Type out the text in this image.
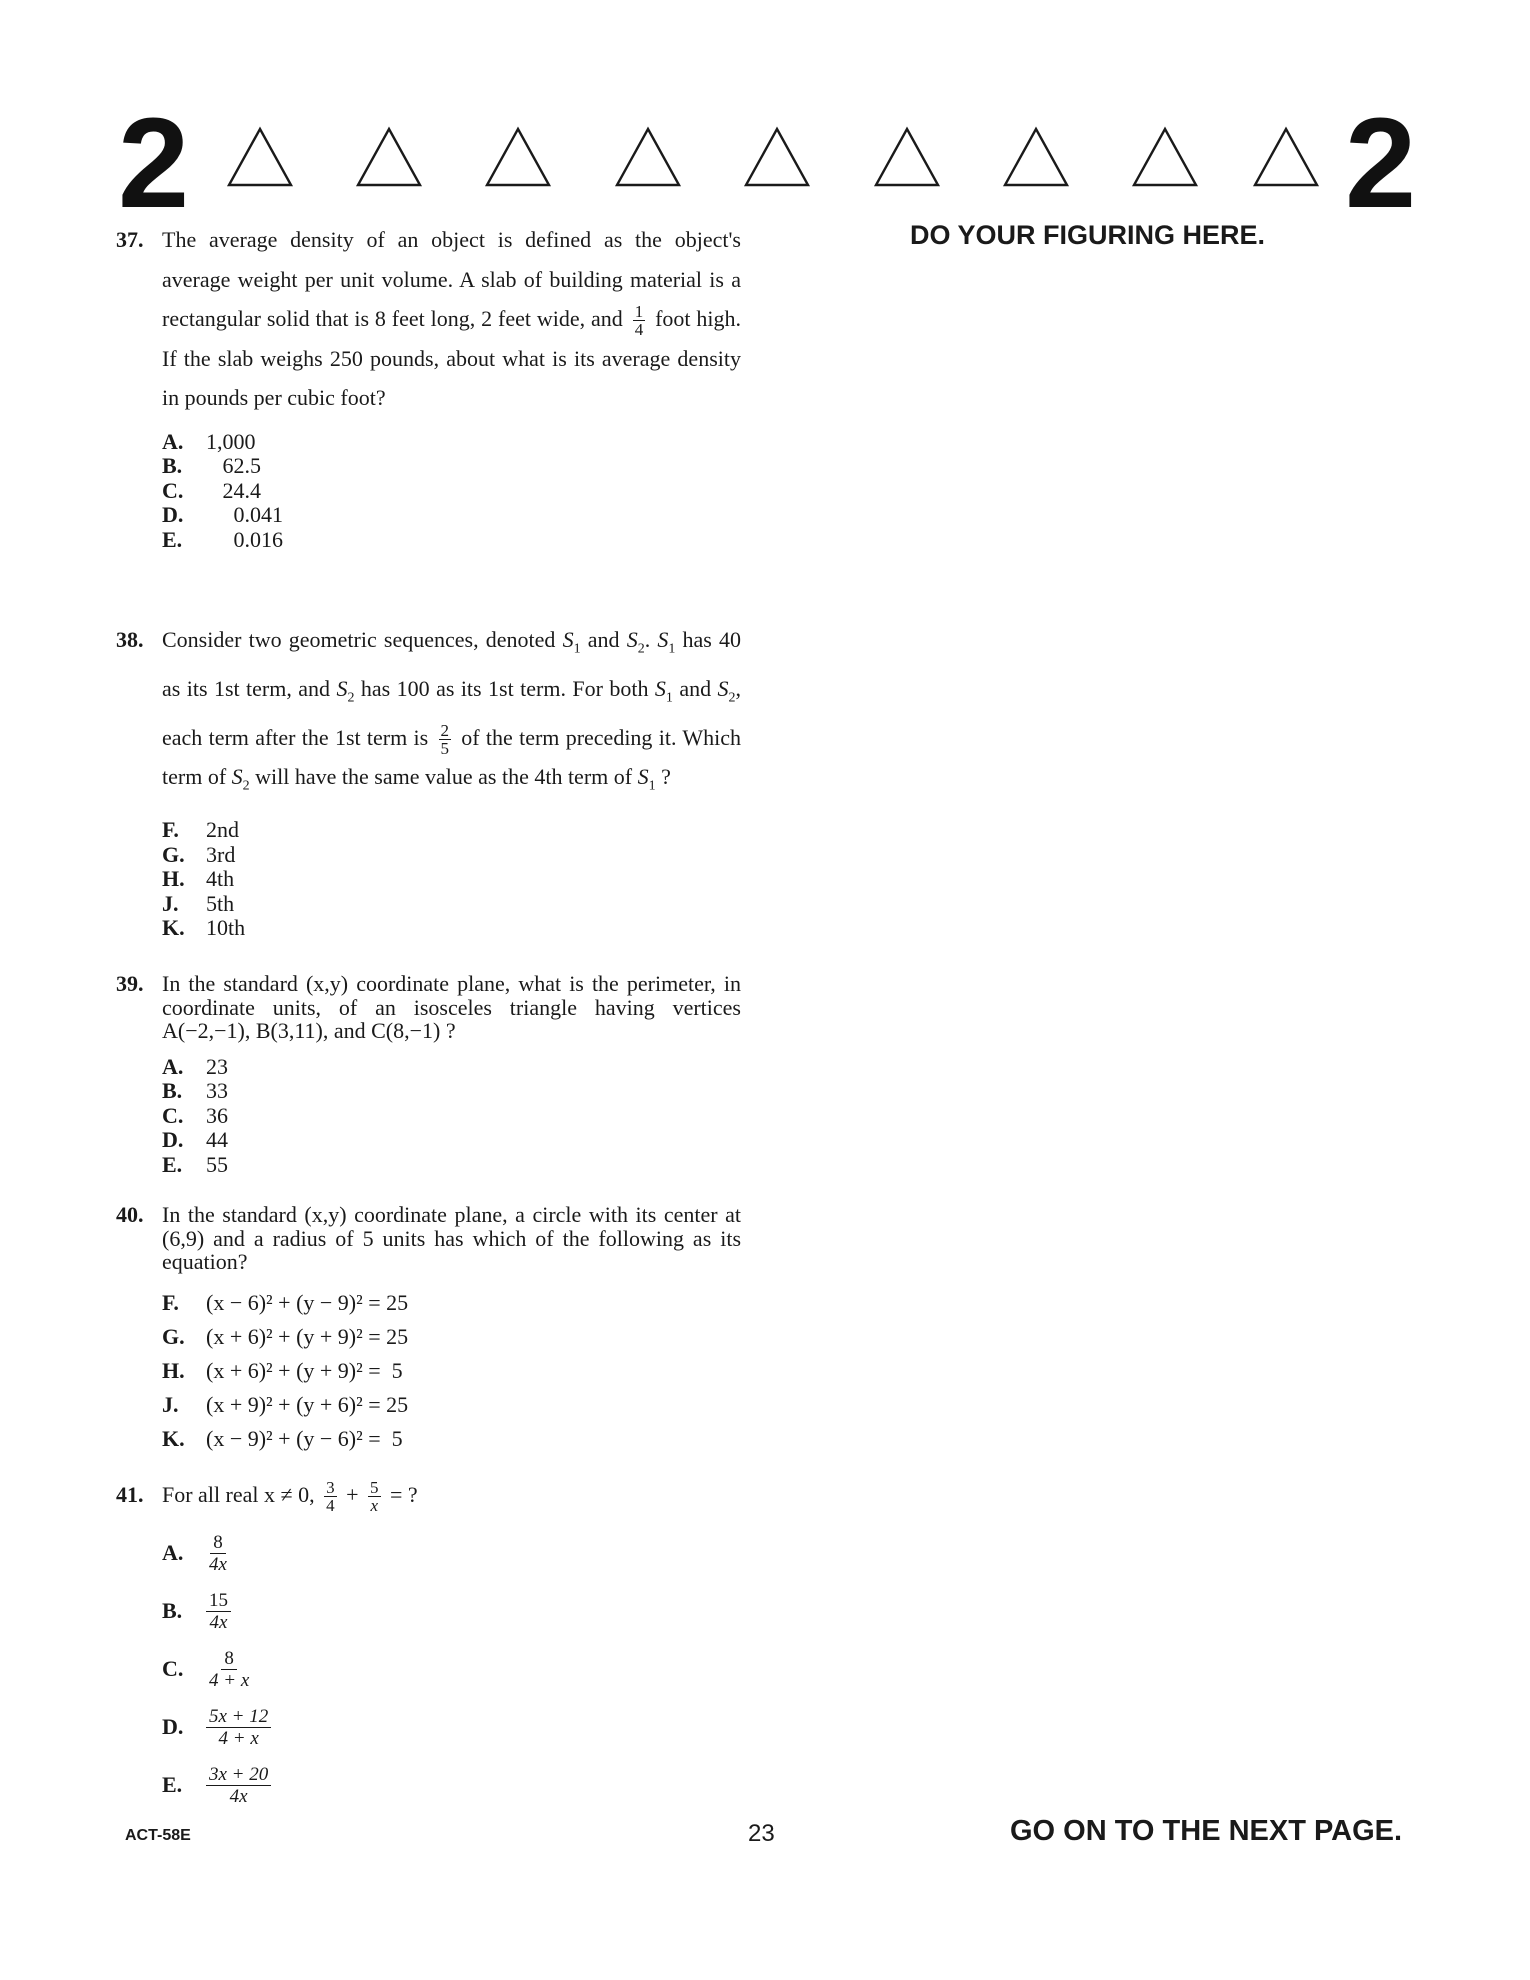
2	2
DO YOUR FIGURING HERE.
37. The average density of an object is defined as the object's average weight per unit volume. A slab of building material is a rectangular solid that is 8 feet long, 2 feet wide, and $\frac{1}{4}$ foot high. If the slab weighs 250 pounds, about what is its average density in pounds per cubic foot?
A.	1,000
B.	62.5
C.	24.4
D.	0.041
E.	0.016
38. Consider two geometric sequences, denoted $S_1$ and $S_2$. $S_1$ has 40 as its 1st term, and $S_2$ has 100 as its 1st term. For both $S_1$ and $S_2$, each term after the 1st term is $\frac{2}{5}$ of the term preceding it. Which term of $S_2$ will have the same value as the 4th term of $S_1$ ?
F.	2nd
G. 3rd
H. 4th
J.	5th
K. 10th
39. In the standard (x,y) coordinate plane, what is the perimeter, in coordinate units, of an isosceles triangle having vertices A(−2,−1), B(3,11), and C(8,−1) ?
A.	23
B.	33
C.	36
D.	44
E.	55
40. In the standard (x,y) coordinate plane, a circle with its center at (6,9) and a radius of 5 units has which of the following as its equation?
F.	(x − 6)² + (y − 9)² = 25
G. (x + 6)² + (y + 9)² = 25
H. (x + 6)² + (y + 9)² =  5
J.	(x + 9)² + (y + 6)² = 25
K. (x − 9)² + (y − 6)² =  5
41. For all real x ≠ 0, $\frac{3}{4} + \frac{5}{x}$ = ?
A.	$\frac{8}{4x}$
B.	$\frac{15}{4x}$
C.	$\frac{8}{4 + x}$
D.	$\frac{5x + 12}{4 + x}$
E.	$\frac{3x + 20}{4x}$
ACT-58E	23	GO ON TO THE NEXT PAGE.
